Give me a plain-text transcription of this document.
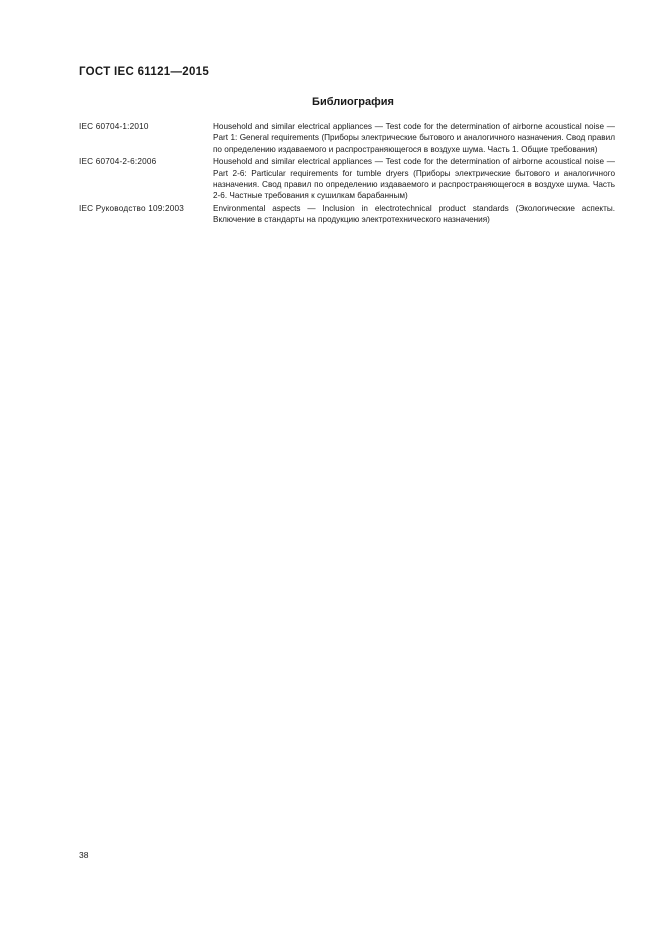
ГОСТ IEC 61121—2015
Библиография
IEC 60704-1:2010	Household and similar electrical appliances — Test code for the determination of airborne acoustical noise — Part 1: General requirements (Приборы электрические бытового и аналогичного назначения. Свод правил по определению издаваемого и распространяющегося в воздухе шума. Часть 1. Общие требования)
IEC 60704-2-6:2006	Household and similar electrical appliances — Test code for the determination of airborne acoustical noise — Part 2-6: Particular requirements for tumble dryers (Приборы электрические бытового и аналогичного назначения. Свод правил по определению издаваемого и распространяющегося в воздухе шума. Часть 2-6. Частные требования к сушилкам барабанным)
IEC Руководство 109:2003	Environmental aspects — Inclusion in electrotechnical product standards (Экологические аспекты. Включение в стандарты на продукцию электротехнического назначения)
38
